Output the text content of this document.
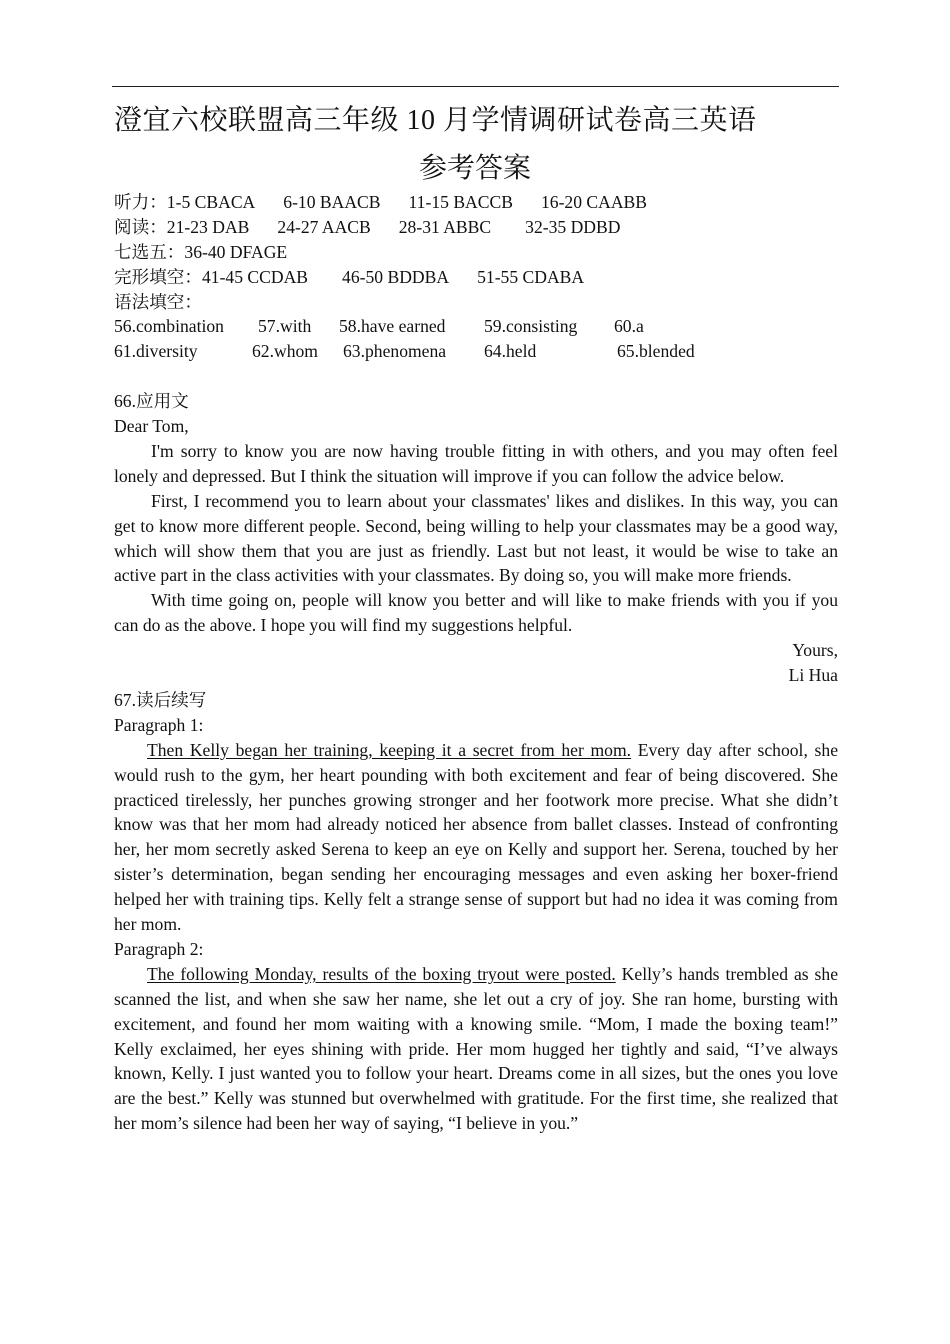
澄宜六校联盟高三年级 10 月学情调研试卷高三英语
参考答案
听力：1-5 CBACA 6-10 BAACB 11-15 BACCB 16-20 CAABB
阅读：21-23 DAB 24-27 AACB 28-31 ABBC 32-35 DDBD
七选五：36-40 DFAGE
完形填空：41-45 CCDAB 46-50 BDDBA 51-55 CDABA
语法填空：
56.combination 57.with 58.have earned 59.consisting 60.a
61.diversity	62.whom 63.phenomena 64.held	65.blended
66.应用文
Dear Tom,

I'm sorry to know you are now having trouble fitting in with others, and you may often feel lonely and depressed. But I think the situation will improve if you can follow the advice below.

First, I recommend you to learn about your classmates' likes and dislikes. In this way, you can get to know more different people. Second, being willing to help your classmates may be a good way, which will show them that you are just as friendly. Last but not least, it would be wise to take an active part in the class activities with your classmates. By doing so, you will make more friends.

With time going on, people will know you better and will like to make friends with you if you can do as the above. I hope you will find my suggestions helpful.

Yours,
Li Hua
67.读后续写
Paragraph 1:

Then Kelly began her training, keeping it a secret from her mom. Every day after school, she would rush to the gym, her heart pounding with both excitement and fear of being discovered. She practiced tirelessly, her punches growing stronger and her footwork more precise. What she didn’t know was that her mom had already noticed her absence from ballet classes. Instead of confronting her, her mom secretly asked Serena to keep an eye on Kelly and support her. Serena, touched by her sister’s determination, began sending her encouraging messages and even asking her boxer-friend helped her with training tips. Kelly felt a strange sense of support but had no idea it was coming from her mom.

Paragraph 2:

The following Monday, results of the boxing tryout were posted. Kelly’s hands trembled as she scanned the list, and when she saw her name, she let out a cry of joy. She ran home, bursting with excitement, and found her mom waiting with a knowing smile. “Mom, I made the boxing team!” Kelly exclaimed, her eyes shining with pride. Her mom hugged her tightly and said, “I’ve always known, Kelly. I just wanted you to follow your heart. Dreams come in all sizes, but the ones you love are the best.” Kelly was stunned but overwhelmed with gratitude. For the first time, she realized that her mom’s silence had been her way of saying, “I believe in you.”
